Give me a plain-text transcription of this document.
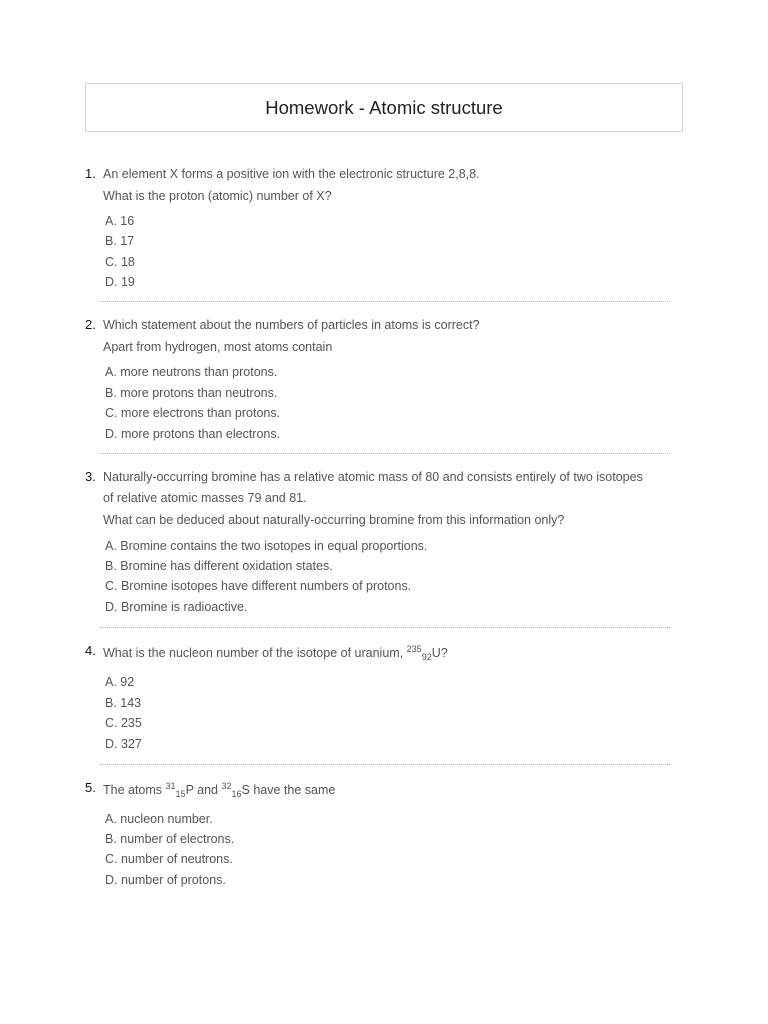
Homework - Atomic structure
1. An element X forms a positive ion with the electronic structure 2,8,8.
What is the proton (atomic) number of X?
A. 16
B. 17
C. 18
D. 19
2. Which statement about the numbers of particles in atoms is correct?
Apart from hydrogen, most atoms contain
A. more neutrons than protons.
B. more protons than neutrons.
C. more electrons than protons.
D. more protons than electrons.
3. Naturally-occurring bromine has a relative atomic mass of 80 and consists entirely of two isotopes
of relative atomic masses 79 and 81.
What can be deduced about naturally-occurring bromine from this information only?
A. Bromine contains the two isotopes in equal proportions.
B. Bromine has different oxidation states.
C. Bromine isotopes have different numbers of protons.
D. Bromine is radioactive.
4. What is the nucleon number of the isotope of uranium, $^{235}_{92}$U?
A. 92
B. 143
C. 235
D. 327
5. The atoms $^{31}_{15}$P and $^{32}_{16}$S have the same
A. nucleon number.
B. number of electrons.
C. number of neutrons.
D. number of protons.
